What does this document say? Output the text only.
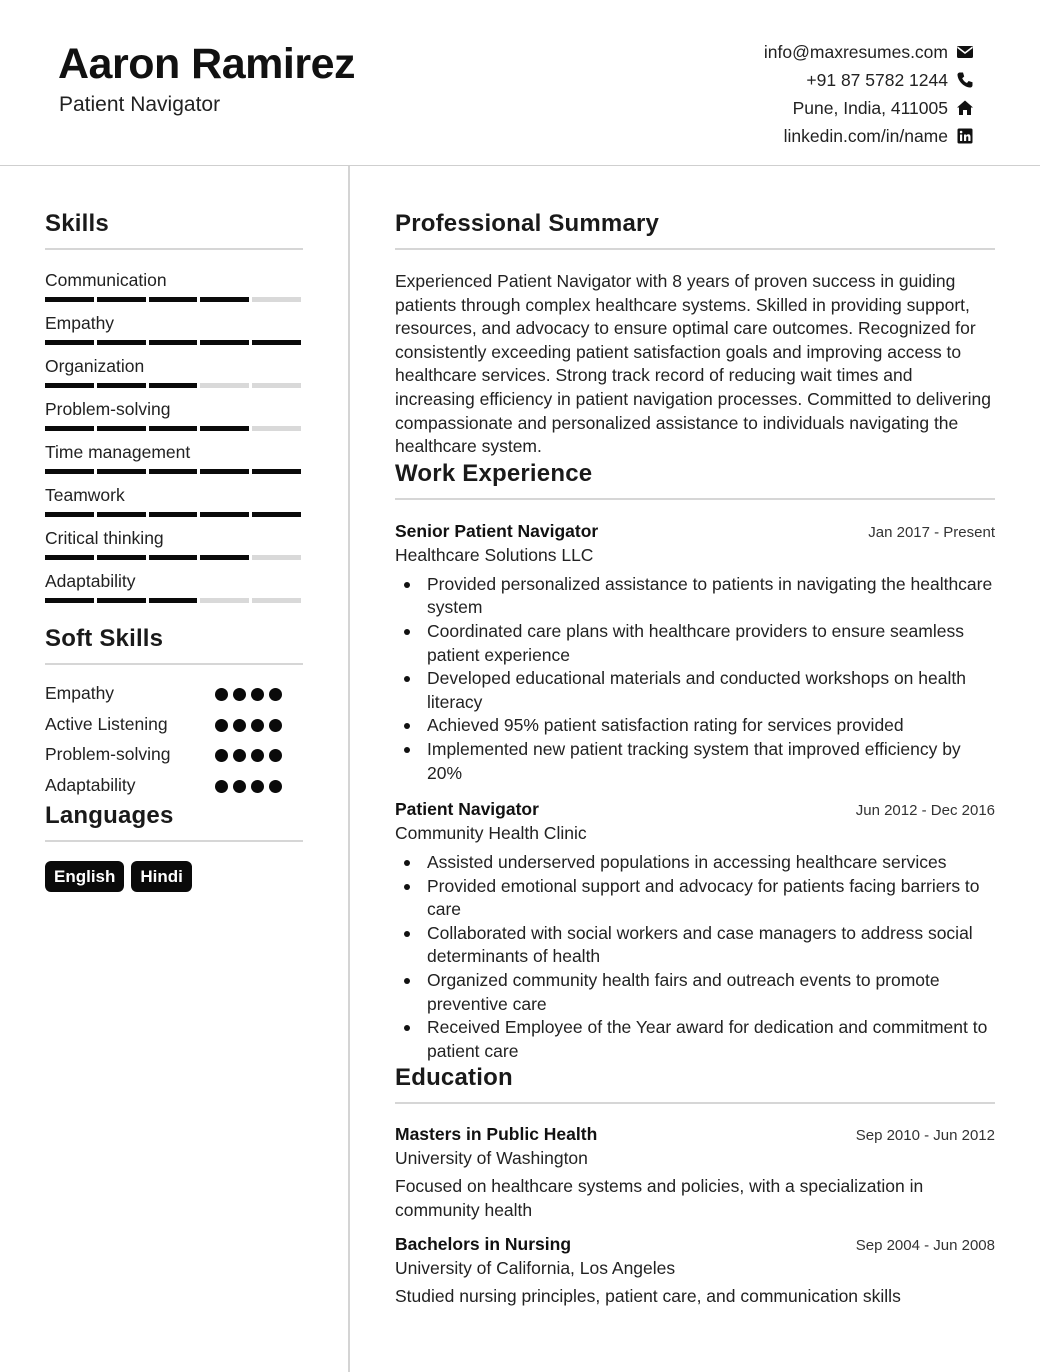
Aaron Ramirez
Patient Navigator
info@maxresumes.com
+91 87 5782 1244
Pune, India, 411005
linkedin.com/in/name
Skills
Communication
Empathy
Organization
Problem-solving
Time management
Teamwork
Critical thinking
Adaptability
Soft Skills
Empathy
Active Listening
Problem-solving
Adaptability
Languages
English	Hindi
Professional Summary

Experienced Patient Navigator with 8 years of proven success in guiding patients through complex healthcare systems. Skilled in providing support, resources, and advocacy to ensure optimal care outcomes. Recognized for consistently exceeding patient satisfaction goals and improving access to healthcare services. Strong track record of reducing wait times and increasing efficiency in patient navigation processes. Committed to delivering compassionate and personalized assistance to individuals navigating the healthcare system.

Work Experience
Senior Patient Navigator	Jan 2017 - Present
Healthcare Solutions LLC
Provided personalized assistance to patients in navigating the healthcare system
Coordinated care plans with healthcare providers to ensure seamless patient experience
Developed educational materials and conducted workshops on health literacy
Achieved 95% patient satisfaction rating for services provided
Implemented new patient tracking system that improved efficiency by 20%
Patient Navigator	Jun 2012 - Dec 2016
Community Health Clinic
Assisted underserved populations in accessing healthcare services
Provided emotional support and advocacy for patients facing barriers to care
Collaborated with social workers and case managers to address social determinants of health
Organized community health fairs and outreach events to promote preventive care
Received Employee of the Year award for dedication and commitment to patient care
Education
Masters in Public Health	Sep 2010 - Jun 2012
University of Washington

Focused on healthcare systems and policies, with a specialization in community health

Bachelors in Nursing	Sep 2004 - Jun 2008
University of California, Los Angeles

Studied nursing principles, patient care, and communication skills
